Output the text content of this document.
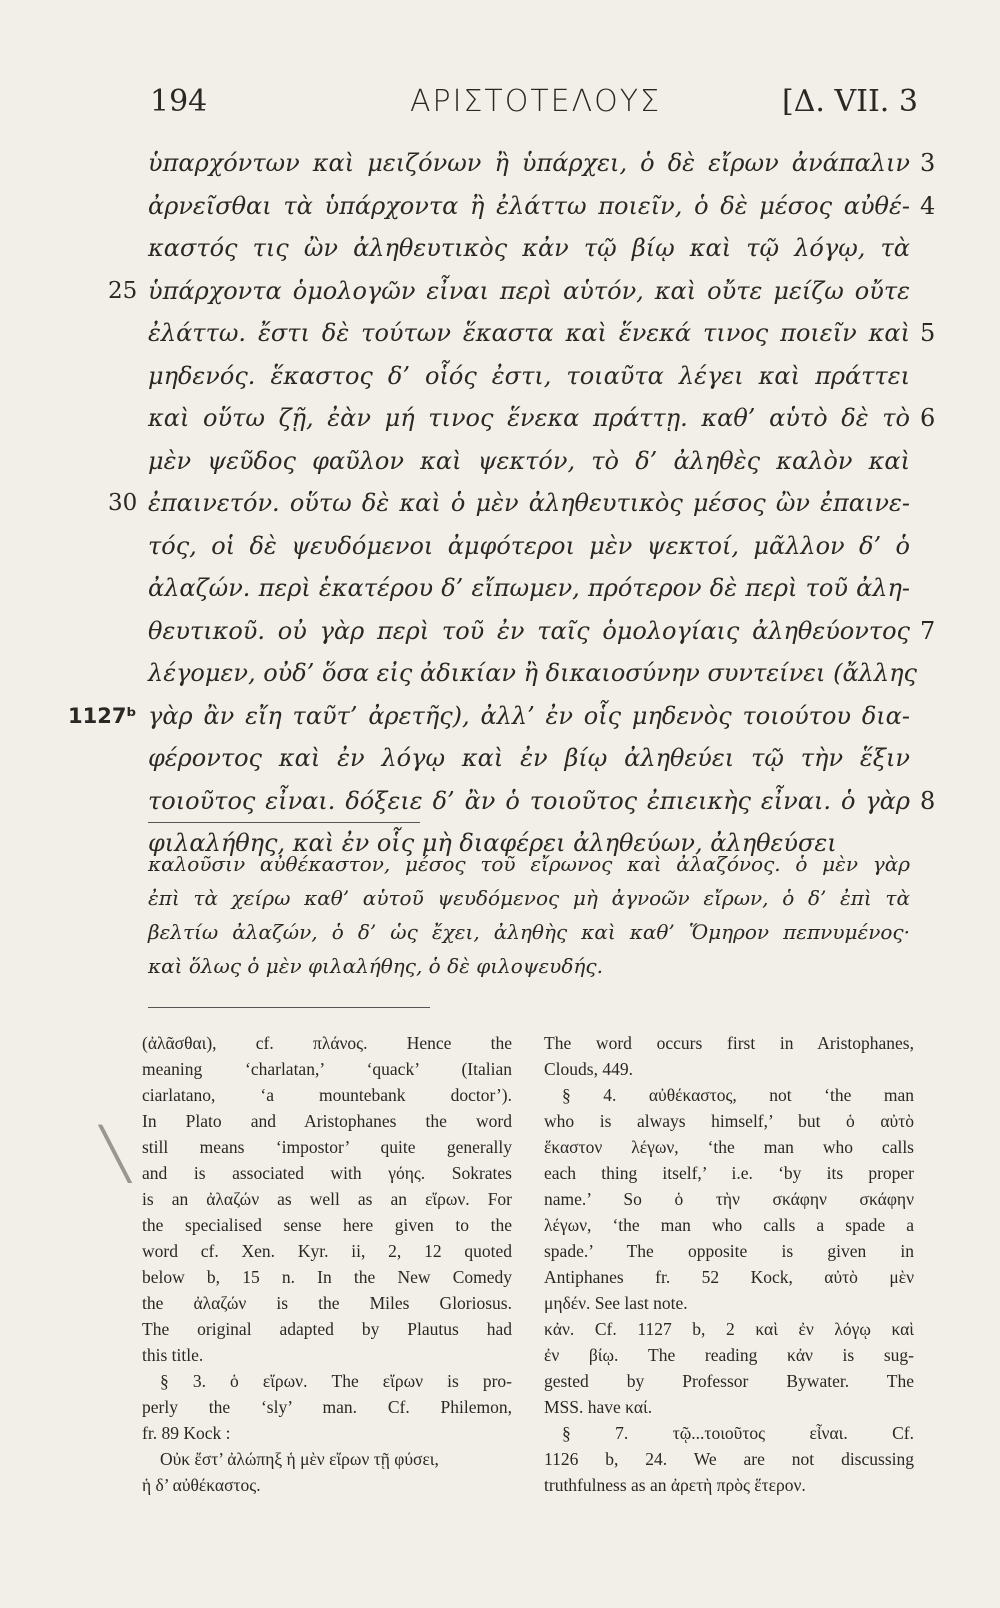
194	ΑΡΙΣΤΟΤΕΛΟΥΣ	[Δ. VII. 3
ὑπαρχόντων καὶ μειζόνων ἢ ὑπάρχει, ὁ δὲ εἴρων ἀνάπαλιν 3
ἀρνεῖσθαι τὰ ὑπάρχοντα ἢ ἐλάττω ποιεῖν, ὁ δὲ μέσος αὐθέ- 4
καστός τις ὢν ἀληθευτικὸς κἀν τῷ βίῳ καὶ τῷ λόγῳ, τὰ
25 ὑπάρχοντα ὁμολογῶν εἶναι περὶ αὑτόν, καὶ οὔτε μείζω οὔτε
ἐλάττω. ἔστι δὲ τούτων ἕκαστα καὶ ἕνεκά τινος ποιεῖν καὶ 5
μηδενός. ἕκαστος δ’ οἷός ἐστι, τοιαῦτα λέγει καὶ πράττει
καὶ οὕτω ζῇ, ἐὰν μή τινος ἕνεκα πράττῃ. καθ’ αὑτὸ δὲ τὸ 6
μὲν ψεῦδος φαῦλον καὶ ψεκτόν, τὸ δ’ ἀληθὲς καλὸν καὶ
30 ἐπαινετόν. οὕτω δὲ καὶ ὁ μὲν ἀληθευτικὸς μέσος ὢν ἐπαινε-
τός, οἱ δὲ ψευδόμενοι ἀμφότεροι μὲν ψεκτοί, μᾶλλον δ’ ὁ
ἀλαζών. περὶ ἑκατέρου δ’ εἴπωμεν, πρότερον δὲ περὶ τοῦ ἀλη-
θευτικοῦ. οὐ γὰρ περὶ τοῦ ἐν ταῖς ὁμολογίαις ἀληθεύοντος 7
λέγομεν, οὐδ’ ὅσα εἰς ἀδικίαν ἢ δικαιοσύνην συντείνει (ἄλλης
1127ᵇ γὰρ ἂν εἴη ταῦτ’ ἀρετῆς), ἀλλ’ ἐν οἷς μηδενὸς τοιούτου δια-
φέροντος καὶ ἐν λόγῳ καὶ ἐν βίῳ ἀληθεύει τῷ τὴν ἕξιν
τοιοῦτος εἶναι. δόξειε δ’ ἂν ὁ τοιοῦτος ἐπιεικὴς εἶναι. ὁ γὰρ 8
φιλαλήθης, καὶ ἐν οἷς μὴ διαφέρει ἀληθεύων, ἀληθεύσει
καλοῦσιν αὐθέκαστον, μέσος τοῦ εἴρωνος καὶ ἀλαζόνος. ὁ μὲν γὰρ
ἐπὶ τὰ χείρω καθ’ αὑτοῦ ψευδόμενος μὴ ἀγνοῶν εἴρων, ὁ δ’ ἐπὶ τὰ
βελτίω ἀλαζών, ὁ δ’ ὡς ἔχει, ἀληθὴς καὶ καθ’ Ὅμηρον πεπνυμένος·
καὶ ὅλως ὁ μὲν φιλαλήθης, ὁ δὲ φιλοψευδής.
(ἀλᾶσθαι), cf. πλάνος. Hence the
meaning ‘charlatan,’ ‘quack’ (Italian
ciarlatano, ‘a mountebank doctor’).
In Plato and Aristophanes the word
still means ‘impostor’ quite generally
and is associated with γόης. Sokrates
is an ἀλαζών as well as an εἴρων. For
the specialised sense here given to the
word cf. Xen. Kyr. ii, 2, 12 quoted
below b, 15 n. In the New Comedy
the ἀλαζών is the Miles Gloriosus.
The original adapted by Plautus had
this title.
§ 3. ὁ εἴρων. The εἴρων is pro-
perly the ‘sly’ man. Cf. Philemon,
fr. 89 Kock :
Οὐκ ἔστ’ ἀλώπηξ ἡ μὲν εἴρων τῇ φύσει,
ἡ δ’ αὐθέκαστος.
The word occurs first in Aristophanes,
Clouds, 449.
§ 4. αὐθέκαστος, not ‘the man
who is always himself,’ but ὁ αὐτὸ
ἕκαστον λέγων, ‘the man who calls
each thing itself,’ i.e. ‘by its proper
name.’ So ὁ τὴν σκάφην σκάφην
λέγων, ‘the man who calls a spade a
spade.’ The opposite is given in
Antiphanes fr. 52 Kock, αὐτὸ μὲν
μηδέν. See last note.
κἀν. Cf. 1127 b, 2 καὶ ἐν λόγῳ καὶ
ἐν βίῳ. The reading κἀν is sug-
gested by Professor Bywater. The
MSS. have καί.
§ 7. τῷ...τοιοῦτος εἶναι. Cf.
1126 b, 24. We are not discussing
truthfulness as an ἀρετὴ πρὸς ἕτερον.
╲
